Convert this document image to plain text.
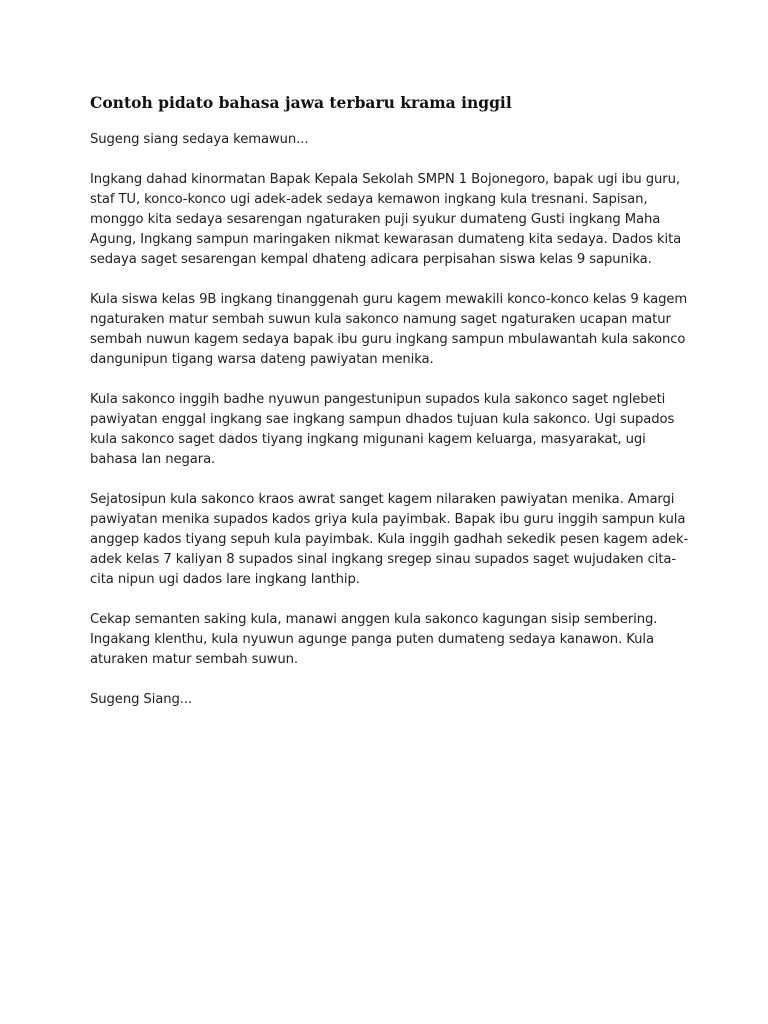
Contoh pidato bahasa jawa terbaru krama inggil

Sugeng siang sedaya kemawun...

Ingkang dahad kinormatan Bapak Kepala Sekolah SMPN 1 Bojonegoro, bapak ugi ibu guru, staf TU, konco-konco ugi adek-adek sedaya kemawon ingkang kula tresnani. Sapisan, monggo kita sedaya sesarengan ngaturaken puji syukur dumateng Gusti ingkang Maha Agung, Ingkang sampun maringaken nikmat kewarasan dumateng kita sedaya. Dados kita sedaya saget sesarengan kempal dhateng adicara perpisahan siswa kelas 9 sapunika.

Kula siswa kelas 9B ingkang tinanggenah guru kagem mewakili konco-konco kelas 9 kagem ngaturaken matur sembah suwun kula sakonco namung saget ngaturaken ucapan matur sembah nuwun kagem sedaya bapak ibu guru ingkang sampun mbulawantah kula sakonco dangunipun tigang warsa dateng pawiyatan menika.

Kula sakonco inggih badhe nyuwun pangestunipun supados kula sakonco saget nglebeti pawiyatan enggal ingkang sae ingkang sampun dhados tujuan kula sakonco. Ugi supados kula sakonco saget dados tiyang ingkang migunani kagem keluarga, masyarakat, ugi bahasa lan negara.

Sejatosipun kula sakonco kraos awrat sanget kagem nilaraken pawiyatan menika. Amargi pawiyatan menika supados kados griya kula payimbak. Bapak ibu guru inggih sampun kula anggep kados tiyang sepuh kula payimbak. Kula inggih gadhah sekedik pesen kagem adek-adek kelas 7 kaliyan 8 supados sinal ingkang sregep sinau supados saget wujudaken cita-cita nipun ugi dados lare ingkang lanthip.

Cekap semanten saking kula, manawi anggen kula sakonco kagungan sisip sembering. Ingakang klenthu, kula nyuwun agunge panga puten dumateng sedaya kanawon. Kula aturaken matur sembah suwun.

Sugeng Siang...
